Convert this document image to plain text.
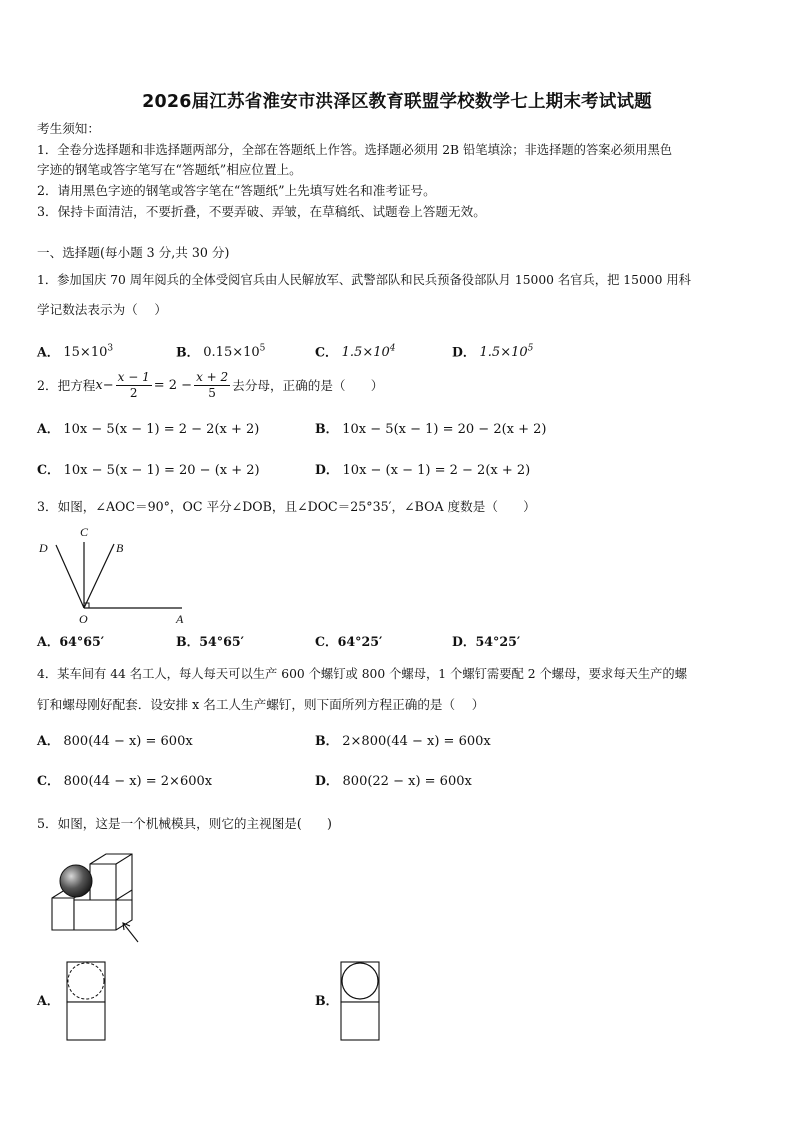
2026届江苏省淮安市洪泽区教育联盟学校数学七上期末考试试题
考生须知：
1．全卷分选择题和非选择题两部分，全部在答题纸上作答。选择题必须用 2B 铅笔填涂；非选择题的答案必须用黑色
字迹的钢笔或答字笔写在“答题纸”相应位置上。
2．请用黑色字迹的钢笔或答字笔在“答题纸”上先填写姓名和准考证号。
3．保持卡面清洁，不要折叠，不要弄破、弄皱，在草稿纸、试题卷上答题无效。
一、选择题(每小题 3 分,共 30 分)
1．参加国庆 70 周年阅兵的全体受阅官兵由人民解放军、武警部队和民兵预备役部队月 15000 名官兵，把 15000 用科
学记数法表示为（　 ）
A． $15\times 10^3$	B． $0.15\times 10^5$	C． $1.5\times 10^4$	D． $1.5\times 10^5$
2．把方程 $x - \frac{x - 1}{2} = 2 - \frac{x + 2}{5}$ 去分母，正确的是（　　）
A． 10x − 5(x − 1) = 2 − 2(x + 2)	B． 10x − 5(x − 1) = 20 − 2(x + 2)
C． 10x − 5(x − 1) = 20 − (x + 2)	D． 10x − (x − 1) = 2 − 2(x + 2)
3．如图，∠AOC＝90°，OC 平分∠DOB，且∠DOC＝25°35′，∠BOA 度数是（　　）
C
D	B
O	A
A．64°65′	B．54°65′	C．64°25′	D．54°25′
4．某车间有 44 名工人，每人每天可以生产 600 个螺钉或 800 个螺母，1 个螺钉需要配 2 个螺母，要求每天生产的螺
钉和螺母刚好配套．设安排 x 名工人生产螺钉，则下面所列方程正确的是（　 ）
A． 800(44 − x) = 600x	B． 2×800(44 − x) = 600x
C． 800(44 − x) = 2×600x	D． 800(22 − x) = 600x
5．如图，这是一个机械模具，则它的主视图是(　　)
A．	B．
